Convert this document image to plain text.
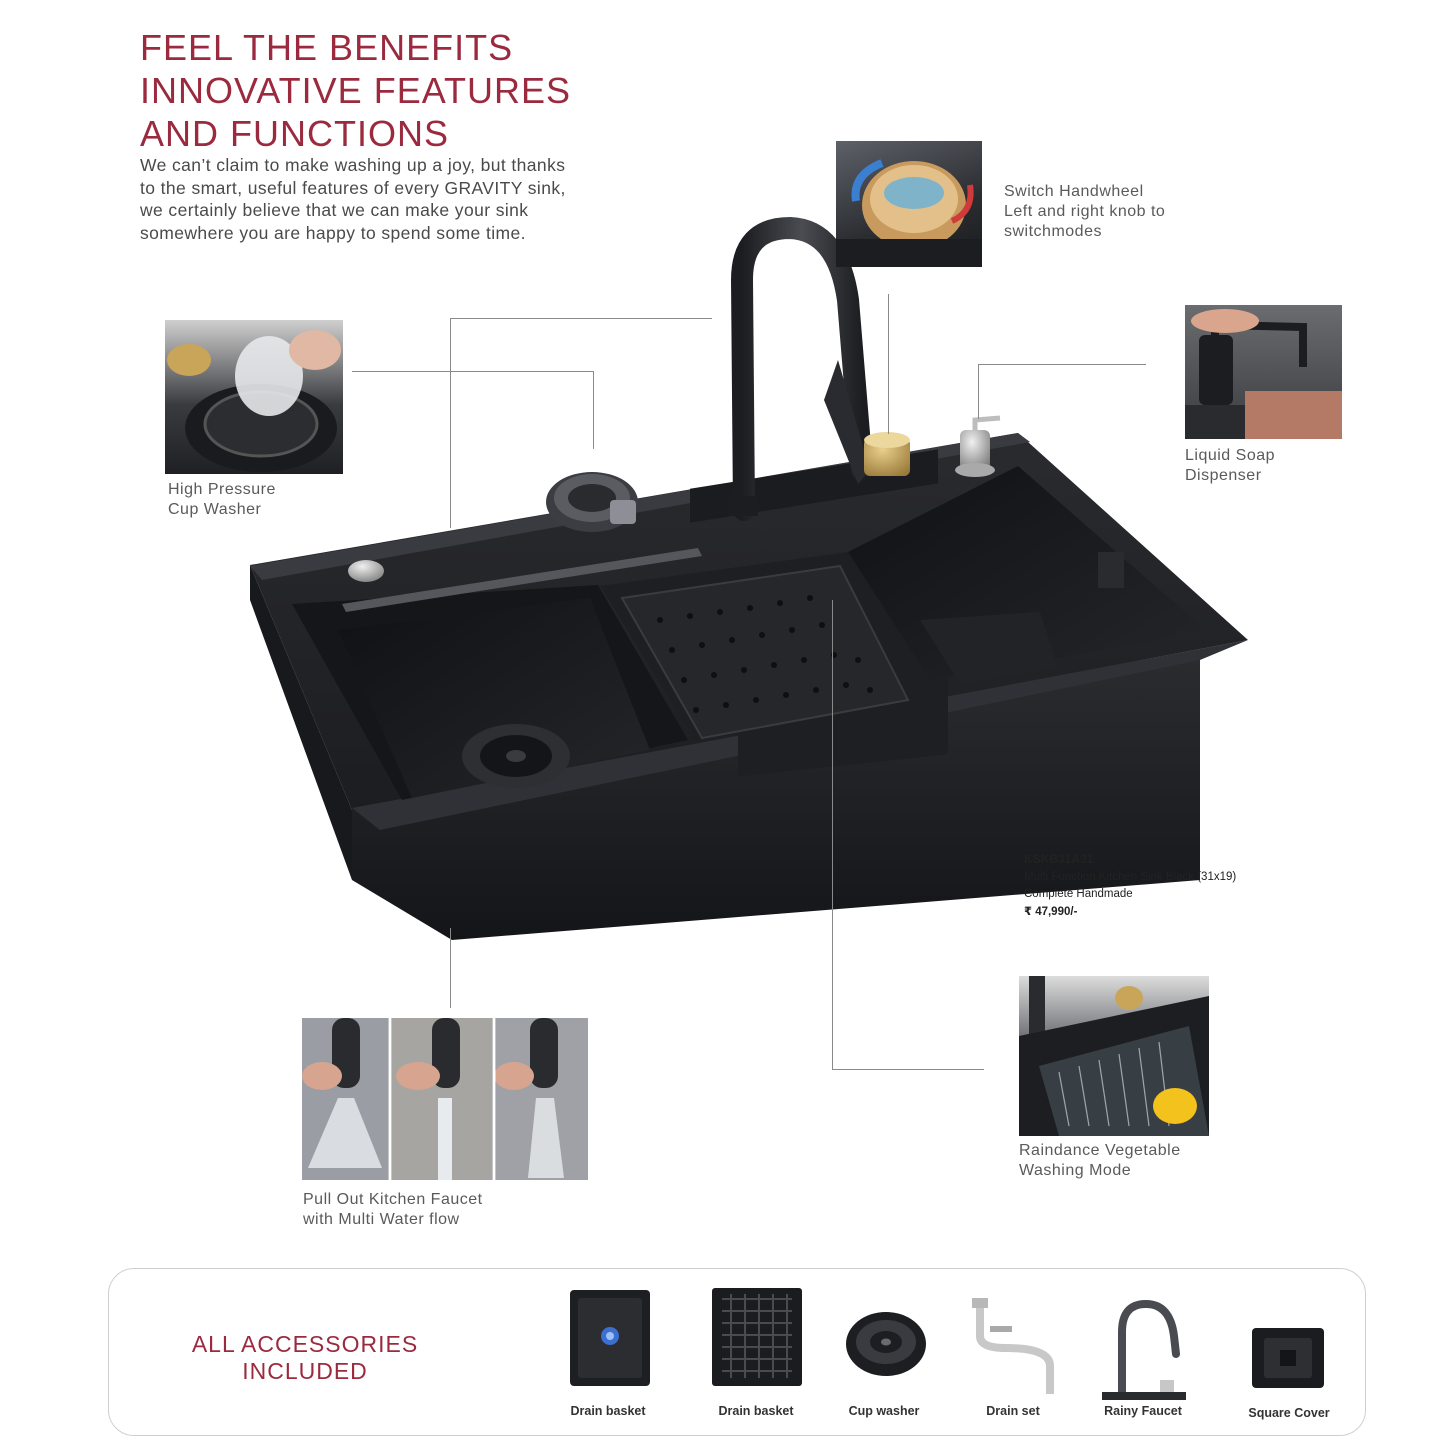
FEEL THE BENEFITS
INNOVATIVE FEATURES
AND FUNCTIONS
We can’t claim to make washing up a joy, but thanks
to the smart, useful features of every GRAVITY sink,
we certainly believe that we can make your sink
somewhere you are happy to spend some time.
Switch Handwheel
Left and right knob to
switchmodes
Liquid Soap
Dispenser
High Pressure
Cup Washer
Pull Out Kitchen Faucet
with Multi Water flow
Raindance Vegetable
Washing Mode
KSKB31A31
Multi Function Kitchen Sink Black (31x19)
Complete Handmade
₹ 47,990/-
ALL ACCESSORIES
INCLUDED
Drain basket	Drain basket	Cup washer	Drain set	Rainy Faucet	Square Cover
